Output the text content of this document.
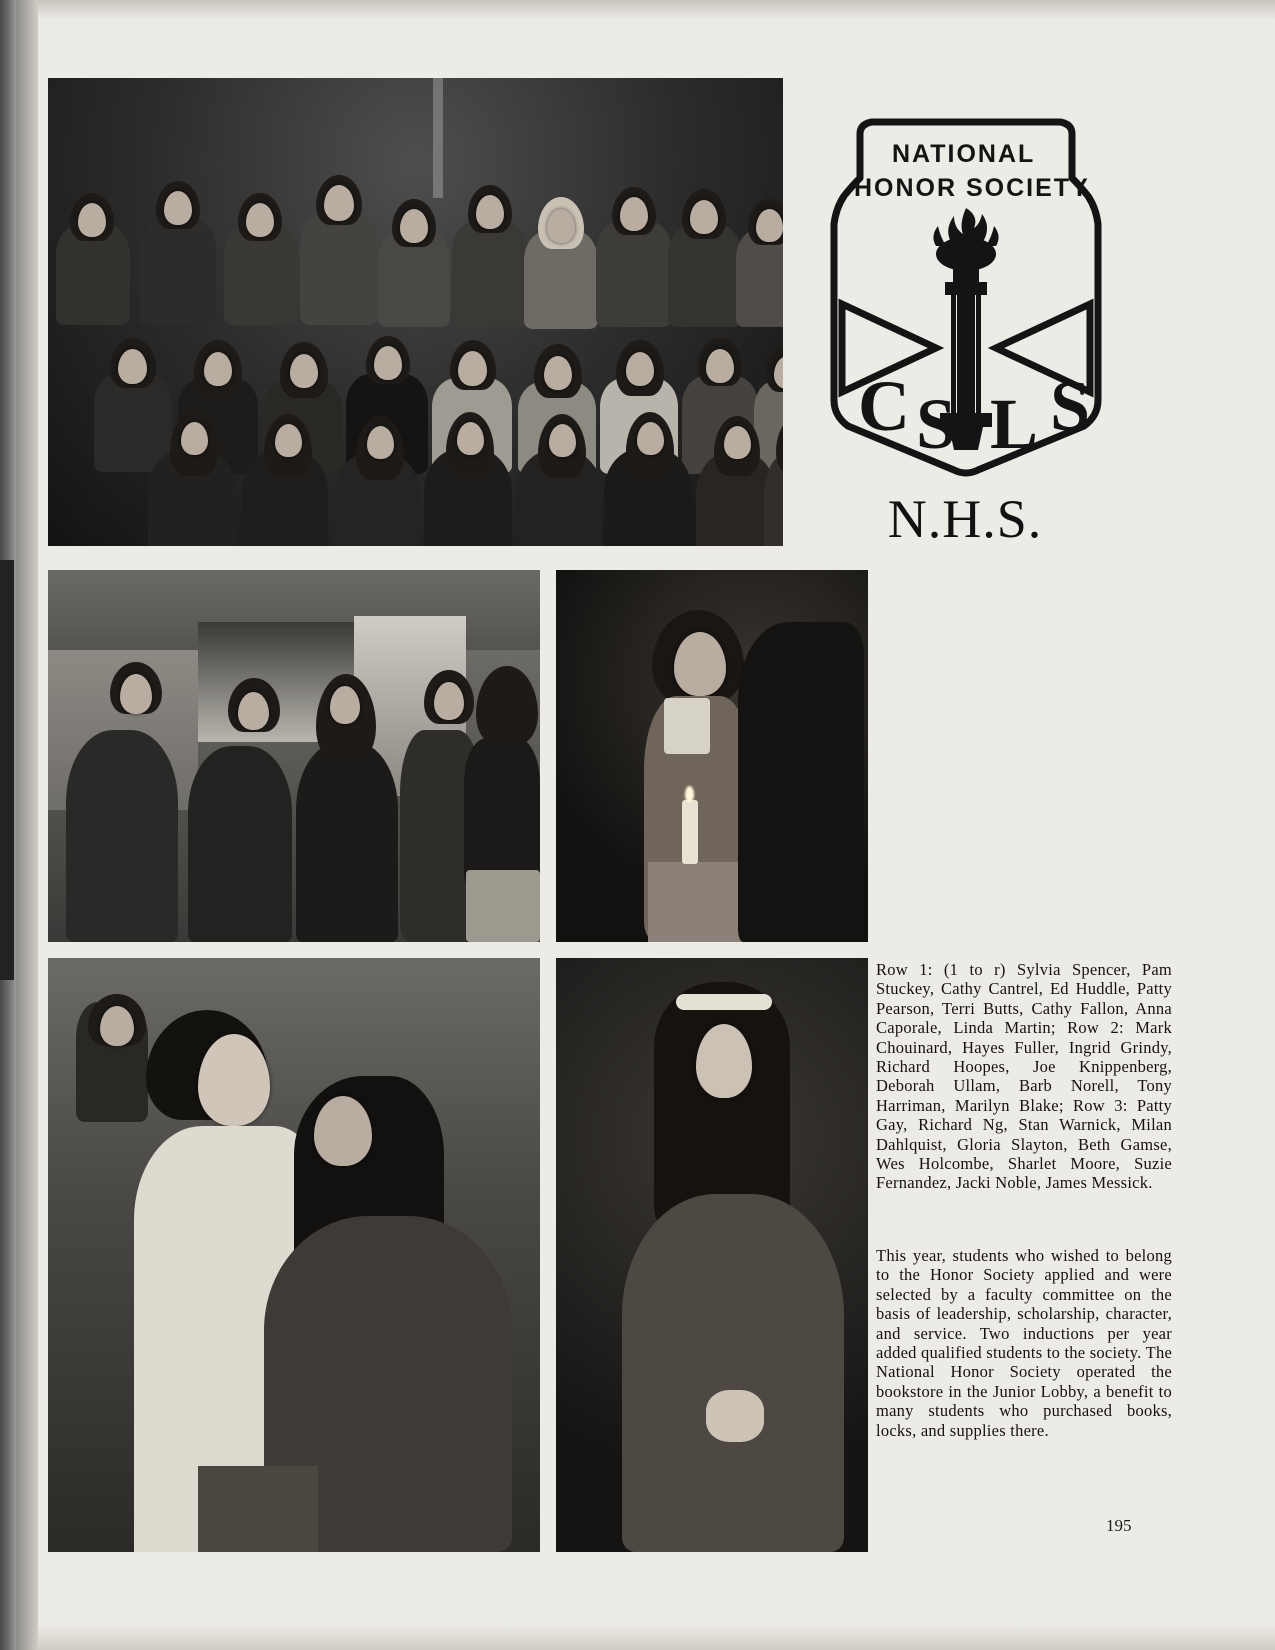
C S L S
NATIONAL
HONOR SOCIETY
N.H.S.
Row 1: (1 to r) Sylvia Spencer, Pam Stuckey, Cathy Cantrel, Ed Huddle, Patty Pearson, Terri Butts, Cathy Fallon, Anna Caporale, Linda Martin; Row 2: Mark Chouinard, Hayes Fuller, Ingrid Grindy, Richard Hoopes, Joe Knippenberg, Deborah Ullam, Barb Norell, Tony Harriman, Marilyn Blake; Row 3: Patty Gay, Richard Ng, Stan Warnick, Milan Dahlquist, Gloria Slayton, Beth Gamse, Wes Holcombe, Sharlet Moore, Suzie Fernandez, Jacki Noble, James Messick.
This year, students who wished to belong to the Honor Society applied and were selected by a faculty committee on the basis of leadership, scholarship, character, and service. Two inductions per year added qualified students to the society. The National Honor Society operated the bookstore in the Junior Lobby, a benefit to many students who purchased books, locks, and supplies there.
195
